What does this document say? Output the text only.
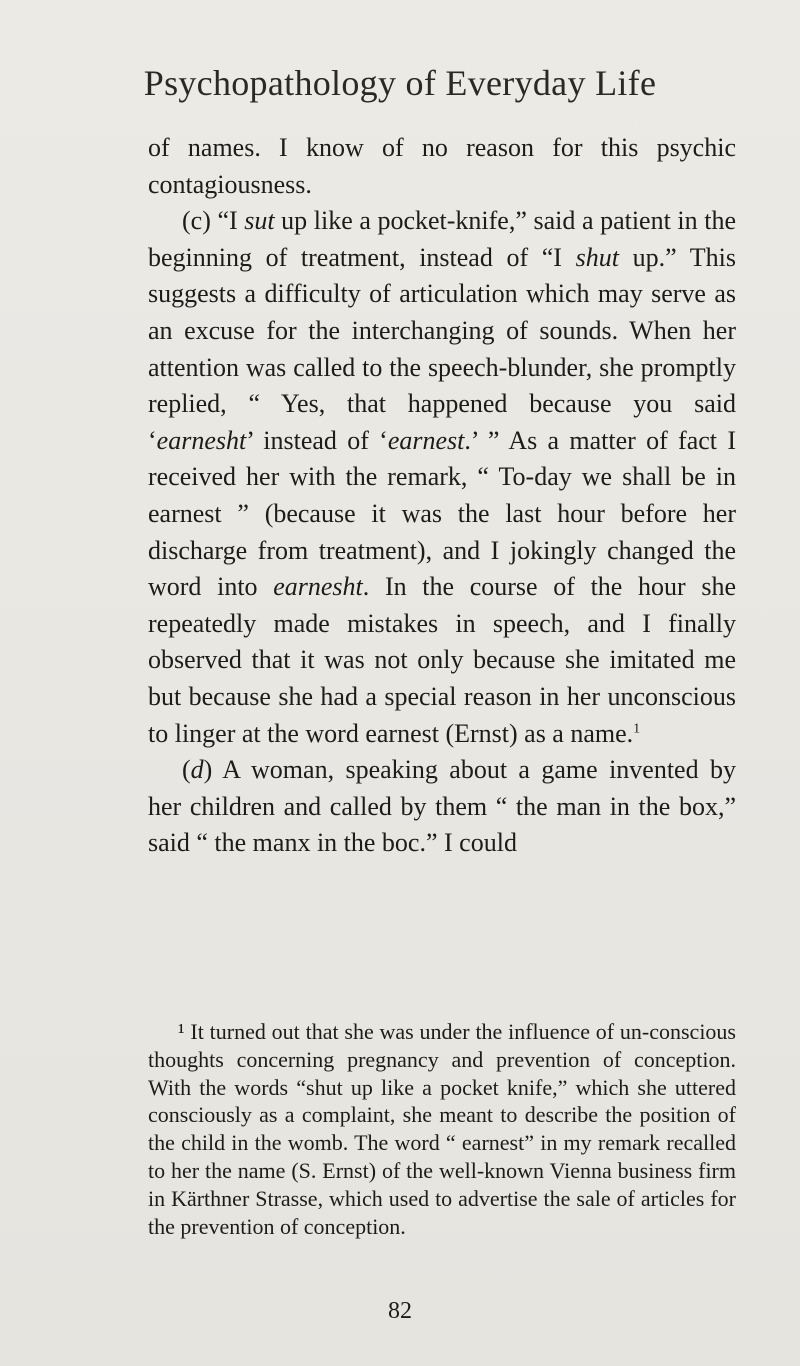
Psychopathology of Everyday Life

of names. I know of no reason for this psychic contagiousness.

(c) “I sut up like a pocket-knife,” said a patient in the beginning of treatment, instead of “I shut up.” This suggests a difficulty of articulation which may serve as an excuse for the interchanging of sounds. When her attention was called to the speech-blunder, she promptly replied, “ Yes, that happened because you said ‘earnesht’ instead of ‘earnest.’ ” As a matter of fact I received her with the remark, “ To-day we shall be in earnest ” (because it was the last hour before her discharge from treatment), and I jokingly changed the word into earnesht. In the course of the hour she repeatedly made mistakes in speech, and I finally observed that it was not only because she imitated me but because she had a special reason in her unconscious to linger at the word earnest (Ernst) as a name.$^1$

(d) A woman, speaking about a game invented by her children and called by them “ the man in the box,” said “ the manx in the boc.” I could

¹ It turned out that she was under the influence of un-conscious thoughts concerning pregnancy and prevention of conception. With the words “shut up like a pocket knife,” which she uttered consciously as a complaint, she meant to describe the position of the child in the womb. The word “ earnest” in my remark recalled to her the name (S. Ernst) of the well-known Vienna business firm in Kärthner Strasse, which used to advertise the sale of articles for the prevention of conception.
82
